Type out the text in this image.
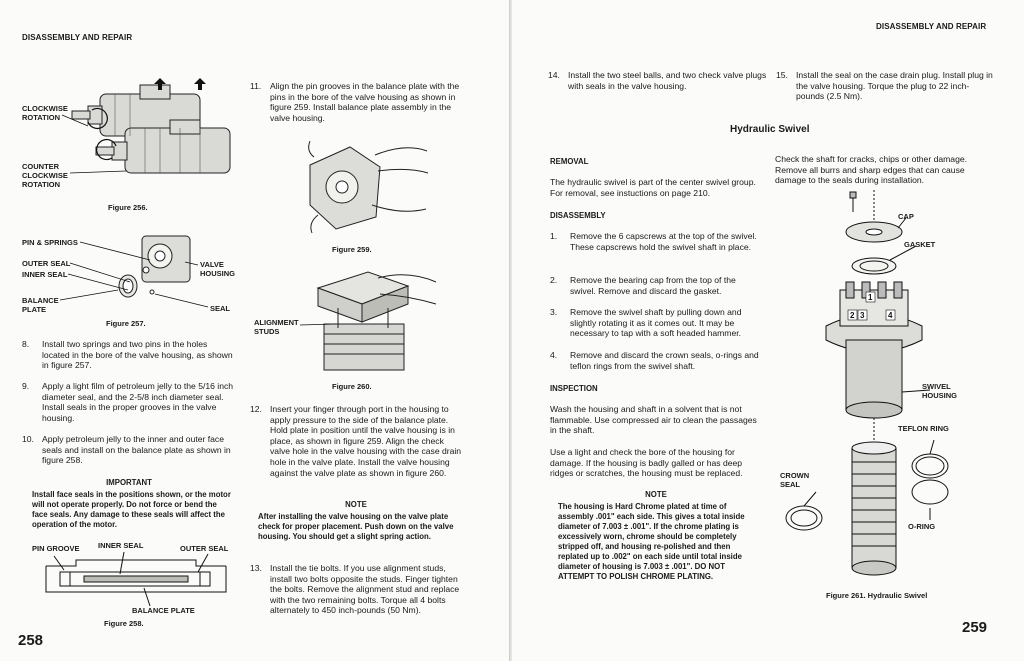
DISASSEMBLY AND REPAIR
CLOCKWISE
ROTATION
COUNTER
CLOCKWISE
ROTATION
Figure 256.
PIN & SPRINGS
OUTER SEAL
INNER SEAL
VALVE
HOUSING
BALANCE
PLATE	SEAL
Figure 257.
8. Install two springs and two pins in the holes located in the bore of the valve housing, as shown in figure 257.
9. Apply a light film of petroleum jelly to the 5/16 inch diameter seal, and the 2-5/8 inch diameter seal. Install seals in the proper grooves in the valve housing.
10. Apply petroleum jelly to the inner and outer face seals and install on the balance plate as shown in figure 258.
IMPORTANT
Install face seals in the positions shown, or the motor will not operate properly. Do not force or bend the face seals. Any damage to these seals will affect the operation of the motor.
PIN GROOVE INNER SEAL	OUTER SEAL
BALANCE PLATE
Figure 258.
258
11. Align the pin grooves in the balance plate with the pins in the bore of the valve housing as shown in figure 259. Install balance plate assembly in the valve housing.
Figure 259.
ALIGNMENT
STUDS
Figure 260.
12. Insert your finger through port in the housing to apply pressure to the side of the balance plate. Hold plate in position until the valve housing is in place, as shown in figure 259. Align the check valve hole in the valve housing with the case drain hole in the valve plate. Install the valve housing against the valve plate as shown in figure 260.
NOTE
After installing the valve housing on the valve plate check for proper placement. Push down on the valve housing. You should get a slight spring action.
13. Install the tie bolts. If you use alignment studs, install two bolts opposite the studs. Finger tighten the bolts. Remove the alignment stud and replace with the two remaining bolts. Torque all 4 bolts alternately to 450 inch-pounds (50 Nm).
DISASSEMBLY AND REPAIR
14. Install the two steel balls, and two check valve plugs with seals in the valve housing.
15. Install the seal on the case drain plug. Install plug in the valve housing. Torque the plug to 22 inch-pounds (2.5 Nm).
Hydraulic Swivel
REMOVAL
The hydraulic swivel is part of the center swivel group. For removal, see instuctions on page 210.
DISASSEMBLY
1. Remove the 6 capscrews at the top of the swivel. These capscrews hold the swivel shaft in place.
2. Remove the bearing cap from the top of the swivel. Remove and discard the gasket.
3. Remove the swivel shaft by pulling down and slightly rotating it as it comes out. It may be necessary to tap with a soft headed hammer.
4. Remove and discard the crown seals, o-rings and teflon rings from the swivel shaft.
INSPECTION
Wash the housing and shaft in a solvent that is not flammable. Use compressed air to clean the passages in the shaft.
Use a light and check the bore of the housing for damage. If the housing is badly galled or has deep ridges or scratches, the housing must be replaced.
NOTE
The housing is Hard Chrome plated at time of assembly .001" each side. This gives a total inside diameter of 7.003 ± .001". If the chrome plating is excessively worn, chrome should be completely stripped off, and housing re-polished and then replated up to .002" on each side until total inside diameter of housing is 7.003 ± .001". DO NOT ATTEMPT TO POLISH CHROME PLATING.
Check the shaft for cracks, chips or other damage. Remove all burrs and sharp edges that can cause damage to the seals during installation.
1
2 3	4
CAP
GASKET
SWIVEL
HOUSING
TEFLON RING
CROWN
SEAL
O-RING
Figure 261. Hydraulic Swivel
259
